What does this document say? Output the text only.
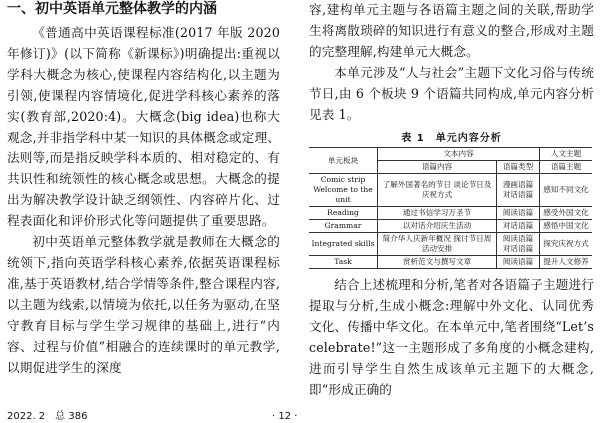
一、初中英语单元整体教学的内涵

《普通高中英语课程标准(2017 年版 2020 年修订)》(以下简称《新课标》)明确提出:重视以学科大概念为核心,使课程内容结构化,以主题为引领,使课程内容情境化,促进学科核心素养的落实(教育部,2020:4)。大概念(big idea)也称大观念,并非指学科中某一知识的具体概念或定理、法则等,而是指反映学科本质的、相对稳定的、有共识性和统领性的核心概念或思想。大概念的提出为解决教学设计缺乏纲领性、内容碎片化、过程表面化和评价形式化等问题提供了重要思路。

初中英语单元整体教学就是教师在大概念的统领下,指向英语学科核心素养,依据英语课程标准,基于英语教材,结合学情等条件,整合课程内容,以主题为线索,以情境为依托,以任务为驱动,在坚守教育目标与学生学习规律的基础上,进行“内容、过程与价值”相融合的连续课时的单元教学,以期促进学生的深度

容,建构单元主题与各语篇主题之间的关联,帮助学生将离散琐碎的知识进行有意义的整合,形成对主题的完整理解,构建单元大概念。

本单元涉及“人与社会”主题下文化习俗与传统节日,由 6 个板块 9 个语篇共同构成,单元内容分析见表 1。

表 1　单元内容分析
单元板块	文本内容		人文主题
	语篇内容	语篇类型	语篇主题
Comic strip Welcome to the unit	了解外国著名的节日 谈论节日及庆祝方式	漫画语篇 对话语篇	感知不同文化
Reading	通过书信学习万圣节	阅读语篇	感受外国文化
Grammar	以对话介绍庆生活动	对话语篇	感悟中国文化
Integrated skills	简介华人庆新年概况 探讨节日周活动安排	阅读语篇 对话语篇	探究庆祝方式
Task	赏析范文与撰写文章	阅读语篇	提升人文修养

结合上述梳理和分析,笔者对各语篇子主题进行提取与分析,生成小概念:理解中外文化、认同优秀文化、传播中华文化。在本单元中,笔者围绕“Let’s celebrate!”这一主题形成了多角度的小概念建构,进而引导学生自然生成该单元主题下的大概念,即“形成正确的

2022. 2　总 386	· 12 ·
